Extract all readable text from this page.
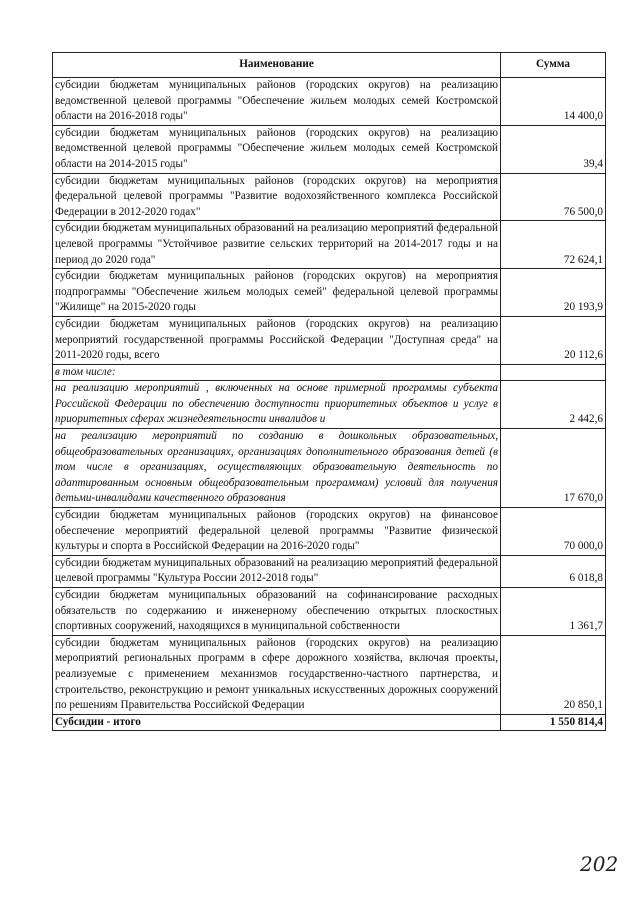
Наименование	Сумма
субсидии бюджетам муниципальных районов (городских округов) на реализацию ведомственной целевой программы "Обеспечение жильем молодых семей Костромской области на 2016-2018 годы"	14 400,0
субсидии бюджетам муниципальных районов (городских округов) на реализацию ведомственной целевой программы "Обеспечение жильем молодых семей Костромской области на 2014-2015 годы"	39,4
субсидии бюджетам муниципальных районов (городских округов) на мероприятия федеральной целевой программы "Развитие водохозяйственного комплекса Российской Федерации в 2012-2020 годах"	76 500,0
субсидии бюджетам муниципальных образований на реализацию мероприятий федеральной целевой программы "Устойчивое развитие сельских территорий на 2014-2017 годы и на период до 2020 года"	72 624,1
субсидии бюджетам муниципальных районов (городских округов) на мероприятия подпрограммы "Обеспечение жильем молодых семей" федеральной целевой программы "Жилище" на 2015-2020 годы	20 193,9
субсидии бюджетам муниципальных районов (городских округов) на реализацию мероприятий государственной программы Российской Федерации "Доступная среда" на 2011-2020 годы, всего	20 112,6
в том числе:	
на реализацию мероприятий , включенных на основе примерной программы субъекта Российской Федерации по обеспечению доступности приоритетных объектов и услуг в приоритетных сферах жизнедеятельности инвалидов и	2 442,6
на реализацию мероприятий по созданию в дошкольных образовательных, общеобразовательных организациях, организациях дополнительного образования детей (в том числе в организациях, осуществляющих образовательную деятельность по адаптированным основным общеобразовательным программам) условий для получения детьми-инвалидами качественного образования	17 670,0
субсидии бюджетам муниципальных районов (городских округов) на финансовое обеспечение мероприятий федеральной целевой программы "Развитие физической культуры и спорта в Российской Федерации на 2016-2020 годы"	70 000,0
субсидии бюджетам муниципальных образований на реализацию мероприятий федеральной целевой программы "Культура России 2012-2018 годы"	6 018,8
субсидии бюджетам муниципальных образований на софинансирование расходных обязательств по содержанию и инженерному обеспечению открытых плоскостных спортивных сооружений, находящихся в муниципальной собственности	1 361,7
субсидии бюджетам муниципальных районов (городских округов) на реализацию мероприятий региональных программ в сфере дорожного хозяйства, включая проекты, реализуемые с применением механизмов государственно-частного партнерства, и строительство, реконструкцию и ремонт уникальных искусственных дорожных сооружений по решениям Правительства Российской Федерации	20 850,1
Субсидии - итого	1 550 814,4
202
